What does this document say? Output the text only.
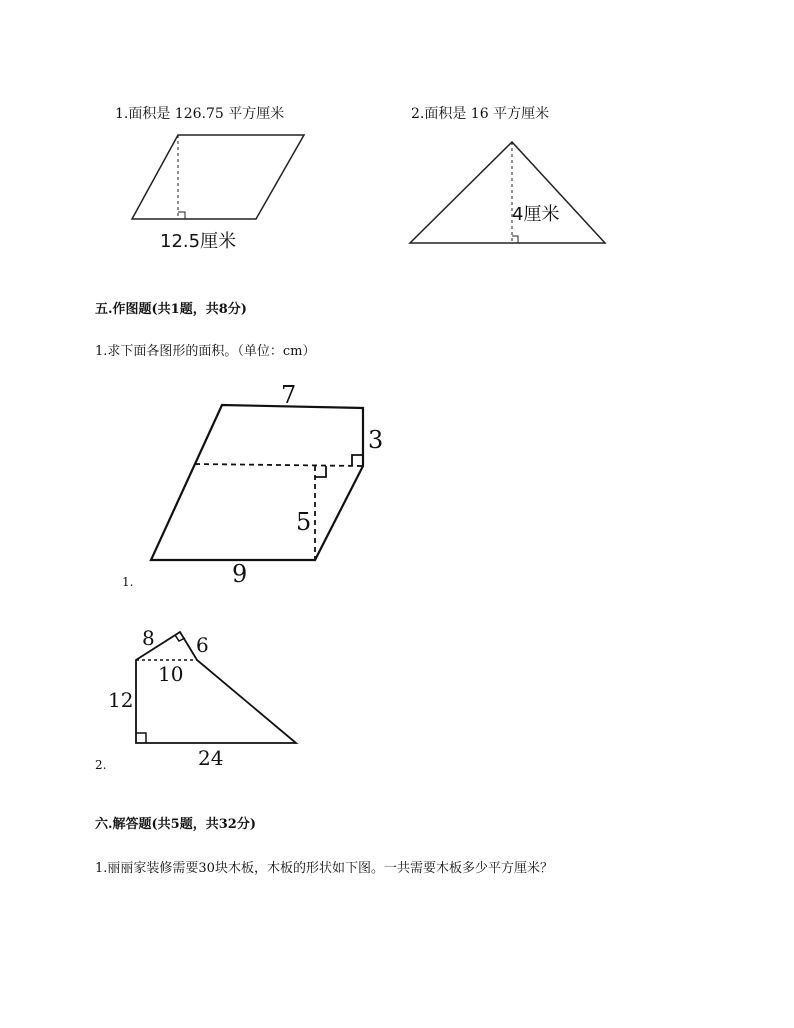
1.面积是 126.75 平方厘米	2.面积是 16 平方厘米
12.5厘米
4厘米
五.作图题(共1题，共8分)
1.求下面各图形的面积。（单位：cm）
7
3
5
9
1.
8 6
10
12
24
2.
六.解答题(共5题，共32分)
1.丽丽家装修需要30块木板，木板的形状如下图。一共需要木板多少平方厘米？
